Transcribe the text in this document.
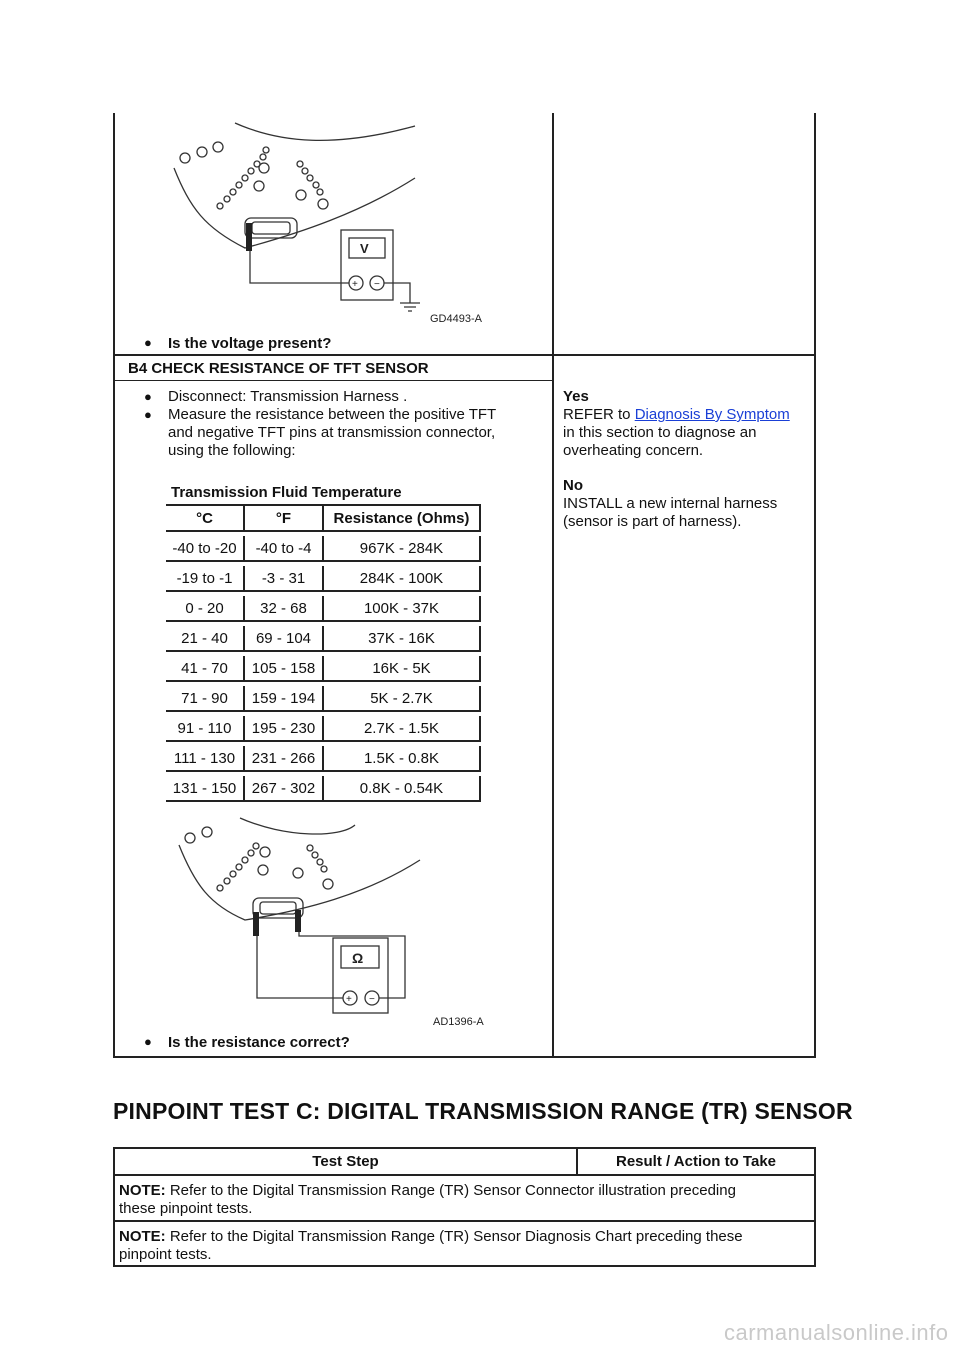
V
+ −
GD4493-A
● Is the voltage present?
B4 CHECK RESISTANCE OF TFT SENSOR
● Disconnect: Transmission Harness .
● Measure the resistance between the positive TFT
and negative TFT pins at transmission connector,
using the following:
Transmission Fluid Temperature
°C	°F	Resistance (Ohms)

-40 to -20	-40 to -4	967K - 284K

-19 to -1	-3 - 31	284K - 100K

0 - 20	32 - 68	100K - 37K

21 - 40	69 - 104	37K - 16K

41 - 70	105 - 158	16K - 5K

71 - 90	159 - 194	5K - 2.7K

91 - 110	195 - 230	2.7K - 1.5K

111 - 130	231 - 266	1.5K - 0.8K

131 - 150	267 - 302	0.8K - 0.54K
Ω
+ −
AD1396-A
● Is the resistance correct?
Yes
REFER to Diagnosis By Symptom
in this section to diagnose an
overheating concern.
No
INSTALL a new internal harness
(sensor is part of harness).
PINPOINT TEST C: DIGITAL TRANSMISSION RANGE (TR) SENSOR
Test Step	Result / Action to Take
NOTE: Refer to the Digital Transmission Range (TR) Sensor Connector illustration preceding
these pinpoint tests.
NOTE: Refer to the Digital Transmission Range (TR) Sensor Diagnosis Chart preceding these
pinpoint tests.
carmanualsonline.info
